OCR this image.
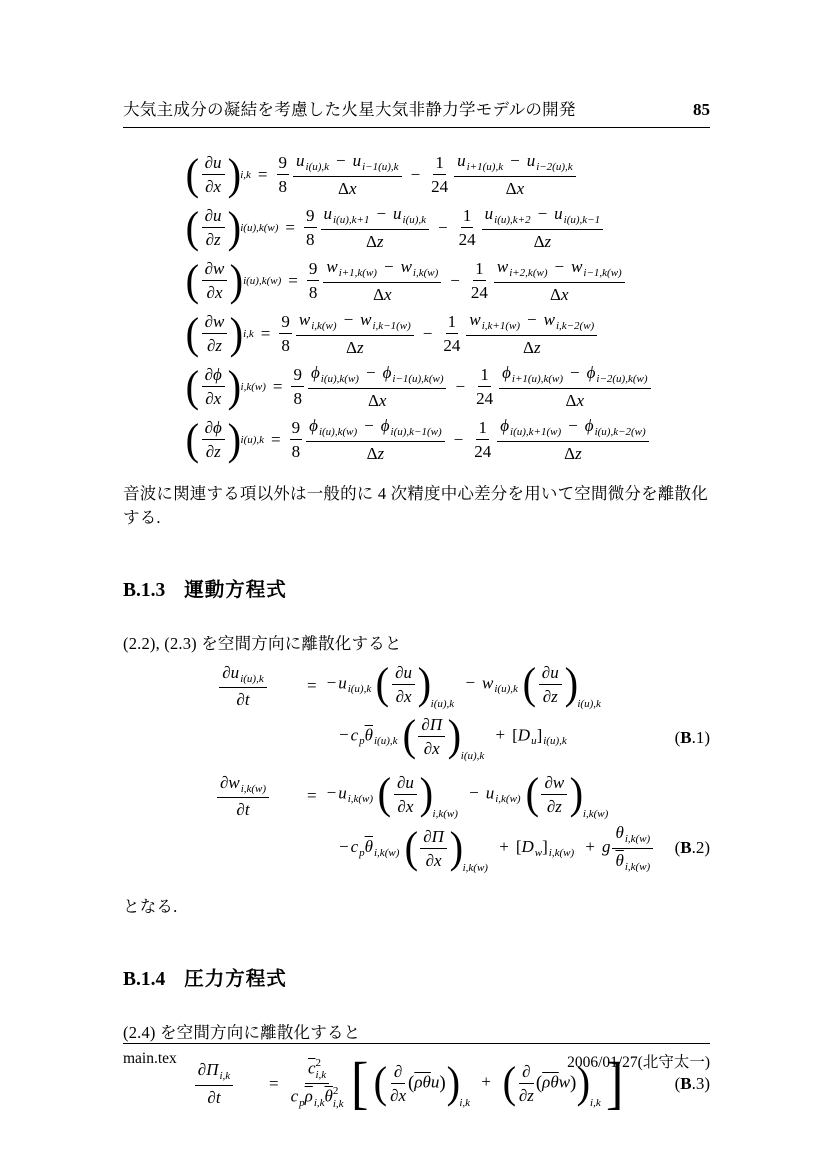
大気主成分の凝結を考慮した火星大気非静力学モデルの開発	85
( $\frac{\partial u}{\partial x}$ ) $i,k = \frac{9}{8} \frac{u_{i(u),k} - u_{i-1(u),k}}{\Delta x} - \frac{1}{24} \frac{u_{i+1(u),k} - u_{i-2(u),k}}{\Delta x}$
( $\frac{\partial u}{\partial z}$ ) $i(u),k(w) = \frac{9}{8} \frac{u_{i(u),k+1} - u_{i(u),k}}{\Delta z} - \frac{1}{24} \frac{u_{i(u),k+2} - u_{i(u),k-1}}{\Delta z}$
( $\frac{\partial w}{\partial x}$ ) $i(u),k(w) = \frac{9}{8} \frac{w_{i+1,k(w)} - w_{i,k(w)}}{\Delta x} - \frac{1}{24} \frac{w_{i+2,k(w)} - w_{i-1,k(w)}}{\Delta x}$
( $\frac{\partial w}{\partial z}$ ) $i,k = \frac{9}{8} \frac{w_{i,k(w)} - w_{i,k-1(w)}}{\Delta z} - \frac{1}{24} \frac{w_{i,k+1(w)} - w_{i,k-2(w)}}{\Delta z}$
( $\frac{\partial\phi}{\partial x}$ ) $i,k(w) = \frac{9}{8} \frac{\phi_{i(u),k(w)} - \phi_{i-1(u),k(w)}}{\Delta x} - \frac{1}{24} \frac{\phi_{i+1(u),k(w)} - \phi_{i-2(u),k(w)}}{\Delta x}$
( $\frac{\partial\phi}{\partial z}$ ) $i(u),k = \frac{9}{8} \frac{\phi_{i(u),k(w)} - \phi_{i(u),k-1(w)}}{\Delta z} - \frac{1}{24} \frac{\phi_{i(u),k+1(w)} - \phi_{i(u),k-2(w)}}{\Delta z}$

音波に関連する項以外は一般的に 4 次精度中心差分を用いて空間微分を離散化する.

B.1.3 運動方程式

(2.2), (2.3) を空間方向に離散化すると

$\frac{\partial u_{i(u),k}}{\partial t}$ = − $u_{i(u),k}$ ( $\frac{\partial u}{\partial x} )_{i(u),k} - w_{i(u),k}$ ( $\frac{\partial u}{\partial z} )_{i(u),k}$
− $c_p\overline{\theta}_{i(u),k}$ ( $\frac{\partial\Pi}{\partial x} )_{i(u),k} + [D_u]_{i(u),k}$	(B.1)
$\frac{\partial w_{i,k(w)}}{\partial t}$ = − $u_{i,k(w)}$ ( $\frac{\partial u}{\partial x} )_{i,k(w)} - u_{i,k(w)}$ ( $\frac{\partial w}{\partial z} )_{i,k(w)}$
− $c_p\overline{\theta}_{i,k(w)}$ ( $\frac{\partial\Pi}{\partial x} )_{i,k(w)} + [D_w]_{i,k(w)} + g \frac{\theta_{i,k(w)}}{\overline{\theta}_{i,k(w)}} (B.2)$

となる.

B.1.4 圧力方程式

(2.4) を空間方向に離散化すると

$\frac{\partial\Pi_{i,k}}{\partial t} = \overline{c}$ 2
i,k
$c_p\overline{\rho}_{i,k}\overline{\theta}$ 2
i,k [ ( $\frac{\partial}{\partial x} (\overline{\rho}\overline{\theta}u))_{i,k}$ + ( $\frac{\partial}{\partial z} (\overline{\rho}\overline{\theta}w))_{i,k}$ ]	(B.3)
main.tex	2006/01/27(北守太一)
